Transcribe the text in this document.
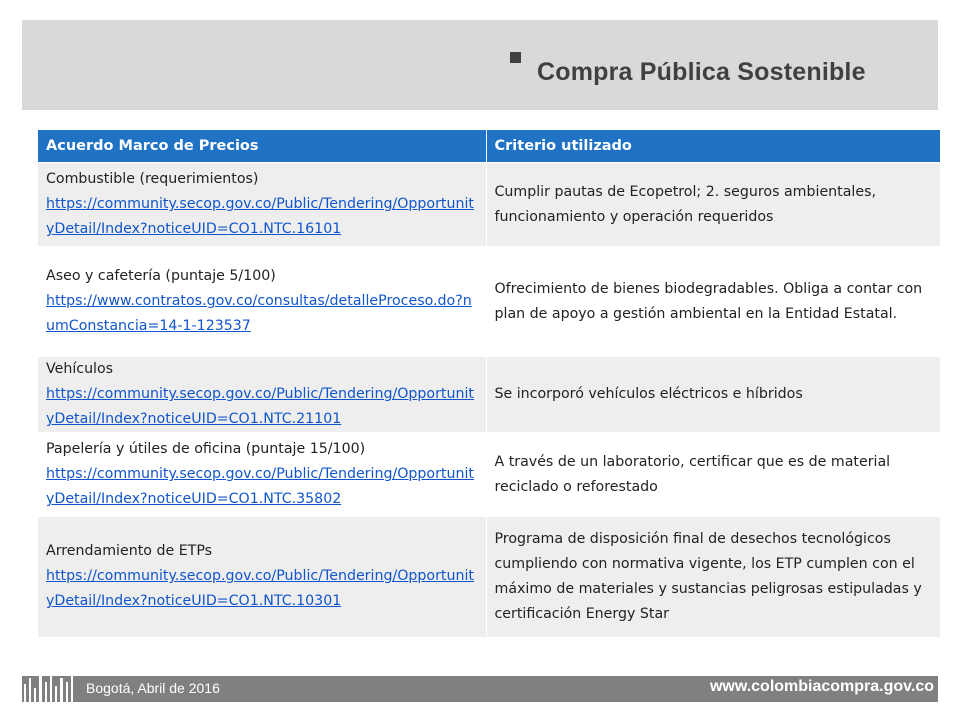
Compra Pública Sostenible
Acuerdo Marco de Precios	Criterio utilizado

Combustible (requerimientos)
https://community.secop.gov.co/Public/Tendering/OpportunityDetail/Index?noticeUID=CO1.NTC.16101	Cumplir pautas de Ecopetrol; 2. seguros ambientales, funcionamiento y operación requeridos

Aseo y cafetería (puntaje 5/100)
https://www.contratos.gov.co/consultas/detalleProceso.do?numConstancia=14-1-123537	Ofrecimiento de bienes biodegradables. Obliga a contar con plan de apoyo a gestión ambiental en la Entidad Estatal.

Vehículos
https://community.secop.gov.co/Public/Tendering/OpportunityDetail/Index?noticeUID=CO1.NTC.21101	Se incorporó vehículos eléctricos e híbridos

Papelería y útiles de oficina (puntaje 15/100)
https://community.secop.gov.co/Public/Tendering/OpportunityDetail/Index?noticeUID=CO1.NTC.35802	A través de un laboratorio, certificar que es de material reciclado o reforestado

Arrendamiento de ETPs
https://community.secop.gov.co/Public/Tendering/OpportunityDetail/Index?noticeUID=CO1.NTC.10301	Programa de disposición final de desechos tecnológicos cumpliendo con normativa vigente, los ETP cumplen con el máximo de materiales y sustancias peligrosas estipuladas y certificación Energy Star
Bogotá, Abril de 2016	www.colombiacompra.gov.co
